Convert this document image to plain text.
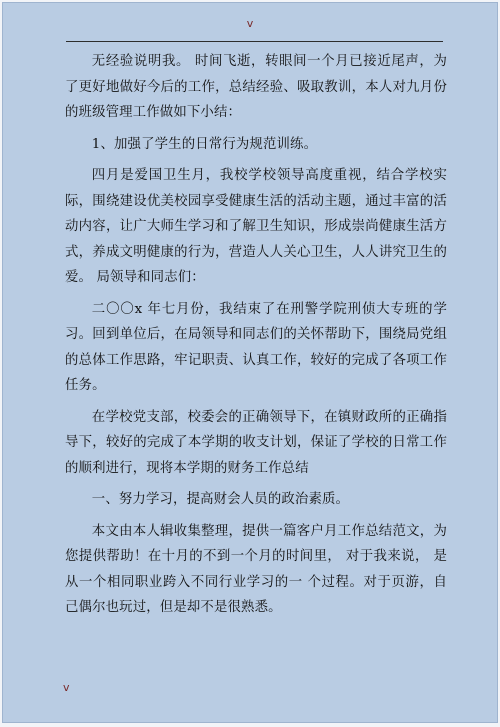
v

无经验说明我。 时间飞逝，转眼间一个月已接近尾声，为了更好地做好今后的工作，总结经验、吸取教训，本人对九月份的班级管理工作做如下小结：

1、加强了学生的日常行为规范训练。

四月是爱国卫生月，我校学校领导高度重视，结合学校实际，围绕建设优美校园享受健康生活的活动主题，通过丰富的活动内容，让广大师生学习和了解卫生知识，形成崇尚健康生活方式，养成文明健康的行为，营造人人关心卫生，人人讲究卫生的爱。 局领导和同志们：

二〇〇x 年七月份，我结束了在刑警学院刑侦大专班的学习。回到单位后，在局领导和同志们的关怀帮助下，围绕局党组的总体工作思路，牢记职责、认真工作，较好的完成了各项工作任务。

在学校党支部，校委会的正确领导下，在镇财政所的正确指导下，较好的完成了本学期的收支计划，保证了学校的日常工作的顺利进行，现将本学期的财务工作总结

一、努力学习，提高财会人员的政治素质。

本文由本人辑收集整理，提供一篇客户月工作总结范文，为您提供帮助！在十月的不到一个月的时间里， 对于我来说， 是从一个相同职业跨入不同行业学习的一 个过程。对于页游，自己偶尔也玩过，但是却不是很熟悉。

v
